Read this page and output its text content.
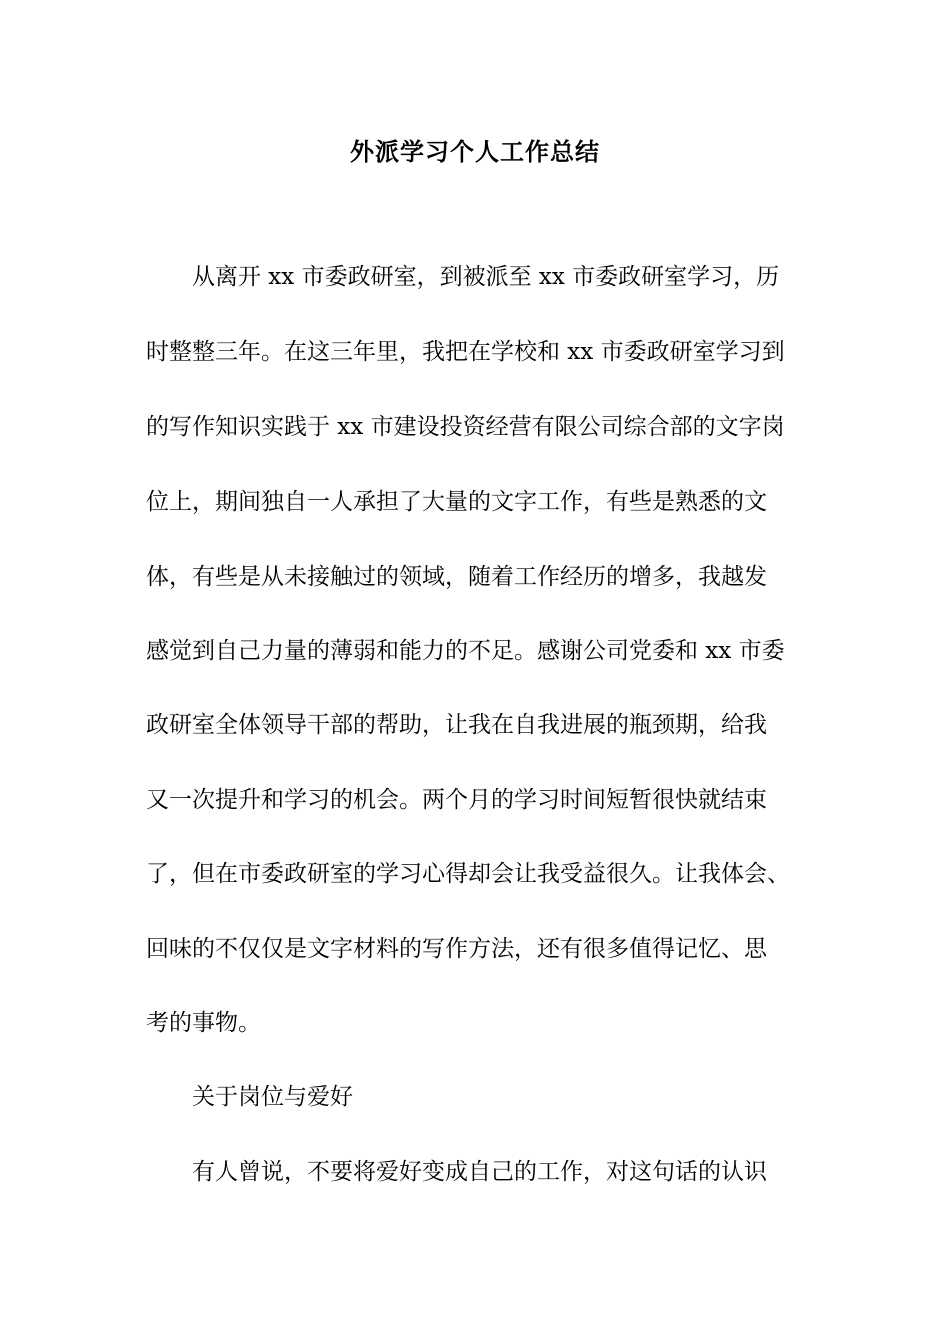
外派学习个人工作总结
从离开 xx 市委政研室，到被派至 xx 市委政研室学习，历
时整整三年。在这三年里，我把在学校和 xx 市委政研室学习到
的写作知识实践于 xx 市建设投资经营有限公司综合部的文字岗
位上，期间独自一人承担了大量的文字工作，有些是熟悉的文
体，有些是从未接触过的领域，随着工作经历的增多，我越发
感觉到自己力量的薄弱和能力的不足。感谢公司党委和 xx 市委
政研室全体领导干部的帮助，让我在自我进展的瓶颈期，给我
又一次提升和学习的机会。两个月的学习时间短暂很快就结束
了，但在市委政研室的学习心得却会让我受益很久。让我体会、
回味的不仅仅是文字材料的写作方法，还有很多值得记忆、思
考的事物。
关于岗位与爱好
有人曾说，不要将爱好变成自己的工作，对这句话的认识
